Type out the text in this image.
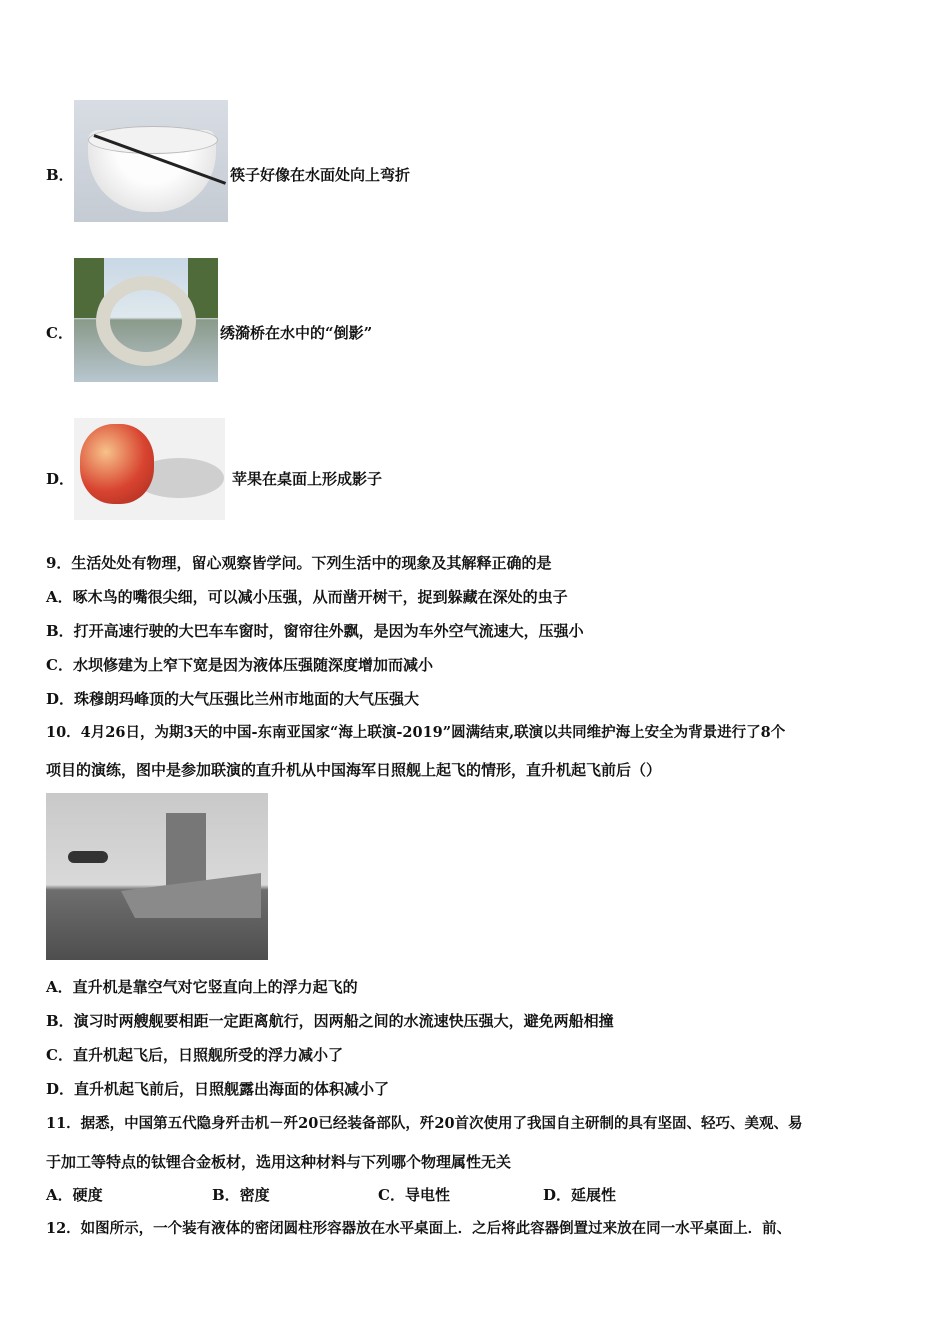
B．	筷子好像在水面处向上弯折
C．	绣漪桥在水中的“倒影”
D．	苹果在桌面上形成影子
9．生活处处有物理，留心观察皆学问。下列生活中的现象及其解释正确的是
A．啄木鸟的嘴很尖细，可以减小压强，从而凿开树干，捉到躲藏在深处的虫子
B．打开高速行驶的大巴车车窗时，窗帘往外飘，是因为车外空气流速大，压强小
C．水坝修建为上窄下宽是因为液体压强随深度增加而减小
D．珠穆朗玛峰顶的大气压强比兰州市地面的大气压强大
10．4月26日，为期3天的中国-东南亚国家“海上联演-2019”圆满结束,联演以共同维护海上安全为背景进行了8个
项目的演练，图中是参加联演的直升机从中国海军日照舰上起飞的情形，直升机起飞前后（）
A．直升机是靠空气对它竖直向上的浮力起飞的
B．演习时两艘舰要相距一定距离航行，因两船之间的水流速快压强大，避免两船相撞
C．直升机起飞后，日照舰所受的浮力减小了
D．直升机起飞前后，日照舰露出海面的体积减小了
11．据悉，中国第五代隐身歼击机－歼20已经装备部队，歼20首次使用了我国自主研制的具有坚固、轻巧、美观、易
于加工等特点的钛锂合金板材，选用这种材料与下列哪个物理属性无关
A．硬度	B．密度	C．导电性	D．延展性
12．如图所示，一个装有液体的密闭圆柱形容器放在水平桌面上．之后将此容器倒置过来放在同一水平桌面上．前、
